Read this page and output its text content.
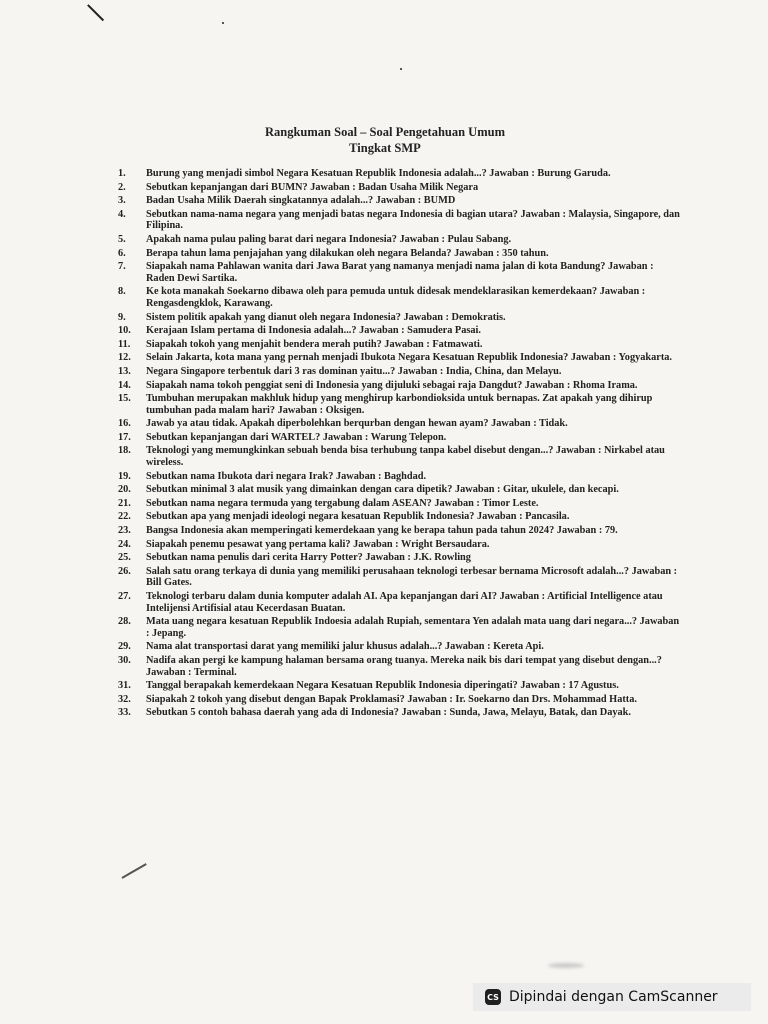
Rangkuman Soal – Soal Pengetahuan Umum
Tingkat SMP
1.	Burung yang menjadi simbol Negara Kesatuan Republik Indonesia adalah...? Jawaban : Burung Garuda.
2.	Sebutkan kepanjangan dari BUMN? Jawaban : Badan Usaha Milik Negara
3.	Badan Usaha Milik Daerah singkatannya adalah...? Jawaban : BUMD
4.	Sebutkan nama-nama negara yang menjadi batas negara Indonesia di bagian utara? Jawaban : Malaysia, Singapore, dan Filipina.
5.	Apakah nama pulau paling barat dari negara Indonesia? Jawaban : Pulau Sabang.
6.	Berapa tahun lama penjajahan yang dilakukan oleh negara Belanda? Jawaban : 350 tahun.
7.	Siapakah nama Pahlawan wanita dari Jawa Barat yang namanya menjadi nama jalan di kota Bandung? Jawaban : Raden Dewi Sartika.
8.	Ke kota manakah Soekarno dibawa oleh para pemuda untuk didesak mendeklarasikan kemerdekaan? Jawaban : Rengasdengklok, Karawang.
9.	Sistem politik apakah yang dianut oleh negara Indonesia? Jawaban : Demokratis.
10.	Kerajaan Islam pertama di Indonesia adalah...? Jawaban : Samudera Pasai.
11.	Siapakah tokoh yang menjahit bendera merah putih? Jawaban : Fatmawati.
12.	Selain Jakarta, kota mana yang pernah menjadi Ibukota Negara Kesatuan Republik Indonesia? Jawaban : Yogyakarta.
13.	Negara Singapore terbentuk dari 3 ras dominan yaitu...? Jawaban : India, China, dan Melayu.
14.	Siapakah nama tokoh penggiat seni di Indonesia yang dijuluki sebagai raja Dangdut? Jawaban : Rhoma Irama.
15.	Tumbuhan merupakan makhluk hidup yang menghirup karbondioksida untuk bernapas. Zat apakah yang dihirup tumbuhan pada malam hari? Jawaban : Oksigen.
16.	Jawab ya atau tidak. Apakah diperbolehkan berqurban dengan hewan ayam? Jawaban : Tidak.
17.	Sebutkan kepanjangan dari WARTEL? Jawaban : Warung Telepon.
18.	Teknologi yang memungkinkan sebuah benda bisa terhubung tanpa kabel disebut dengan...? Jawaban : Nirkabel atau wireless.
19.	Sebutkan nama Ibukota dari negara Irak? Jawaban : Baghdad.
20.	Sebutkan minimal 3 alat musik yang dimainkan dengan cara dipetik? Jawaban : Gitar, ukulele, dan kecapi.
21.	Sebutkan nama negara termuda yang tergabung dalam ASEAN? Jawaban : Timor Leste.
22.	Sebutkan apa yang menjadi ideologi negara kesatuan Republik Indonesia? Jawaban : Pancasila.
23.	Bangsa Indonesia akan memperingati kemerdekaan yang ke berapa tahun pada tahun 2024? Jawaban : 79.
24.	Siapakah penemu pesawat yang pertama kali? Jawaban : Wright Bersaudara.
25.	Sebutkan nama penulis dari cerita Harry Potter? Jawaban : J.K. Rowling
26.	Salah satu orang terkaya di dunia yang memiliki perusahaan teknologi terbesar bernama Microsoft adalah...? Jawaban : Bill Gates.
27.	Teknologi terbaru dalam dunia komputer adalah AI. Apa kepanjangan dari AI? Jawaban : Artificial Intelligence atau Intelijensi Artifisial atau Kecerdasan Buatan.
28.	Mata uang negara kesatuan Republik Indoesia adalah Rupiah, sementara Yen adalah mata uang dari negara...? Jawaban : Jepang.
29.	Nama alat transportasi darat yang memiliki jalur khusus adalah...? Jawaban : Kereta Api.
30.	Nadifa akan pergi ke kampung halaman bersama orang tuanya. Mereka naik bis dari tempat yang disebut dengan...? Jawaban : Terminal.
31.	Tanggal berapakah kemerdekaan Negara Kesatuan Republik Indonesia diperingati? Jawaban : 17 Agustus.
32.	Siapakah 2 tokoh yang disebut dengan Bapak Proklamasi? Jawaban : Ir. Soekarno dan Drs. Mohammad Hatta.
33.	Sebutkan 5 contoh bahasa daerah yang ada di Indonesia? Jawaban : Sunda, Jawa, Melayu, Batak, dan Dayak.
CS Dipindai dengan CamScanner
